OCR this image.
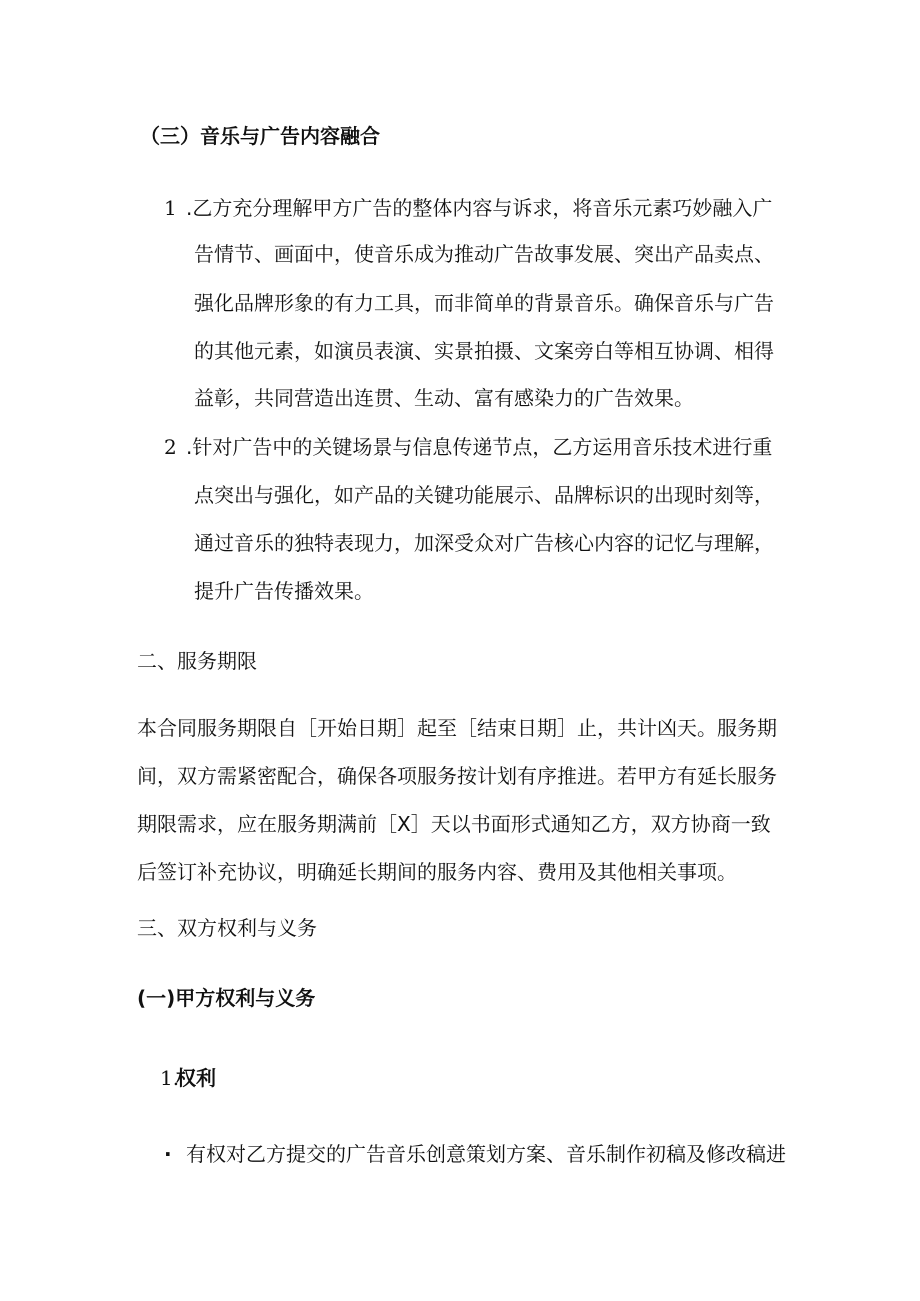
（三）音乐与广告内容融合
1 .乙方充分理解甲方广告的整体内容与诉求，将音乐元素巧妙融入广
告情节、画面中，使音乐成为推动广告故事发展、突出产品卖点、
强化品牌形象的有力工具，而非简单的背景音乐。确保音乐与广告
的其他元素，如演员表演、实景拍摄、文案旁白等相互协调、相得
益彰，共同营造出连贯、生动、富有感染力的广告效果。
2 .针对广告中的关键场景与信息传递节点，乙方运用音乐技术进行重
点突出与强化，如产品的关键功能展示、品牌标识的出现时刻等，
通过音乐的独特表现力，加深受众对广告核心内容的记忆与理解，
提升广告传播效果。
二、服务期限
本合同服务期限自［开始日期］起至［结束日期］止，共计凶天。服务期
间，双方需紧密配合，确保各项服务按计划有序推进。若甲方有延长服务
期限需求，应在服务期满前［X］天以书面形式通知乙方，双方协商一致
后签订补充协议，明确延长期间的服务内容、费用及其他相关事项。
三、双方权利与义务
(一)甲方权利与义务
1.
权利
· 有权对乙方提交的广告音乐创意策划方案、音乐制作初稿及修改稿进
